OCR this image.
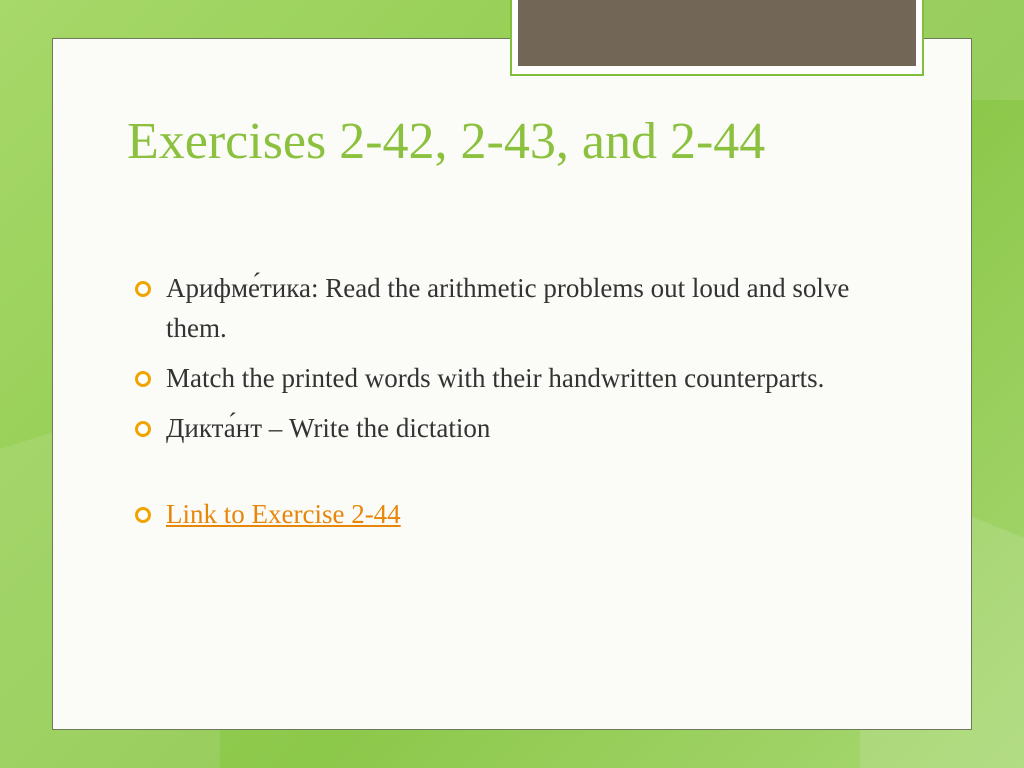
Exercises 2-42, 2-43, and 2-44
Арифме́тика: Read the arithmetic problems out loud and solve them.
Match the printed words with their handwritten counterparts.
Дикта́нт – Write the dictation
Link to Exercise 2-44
